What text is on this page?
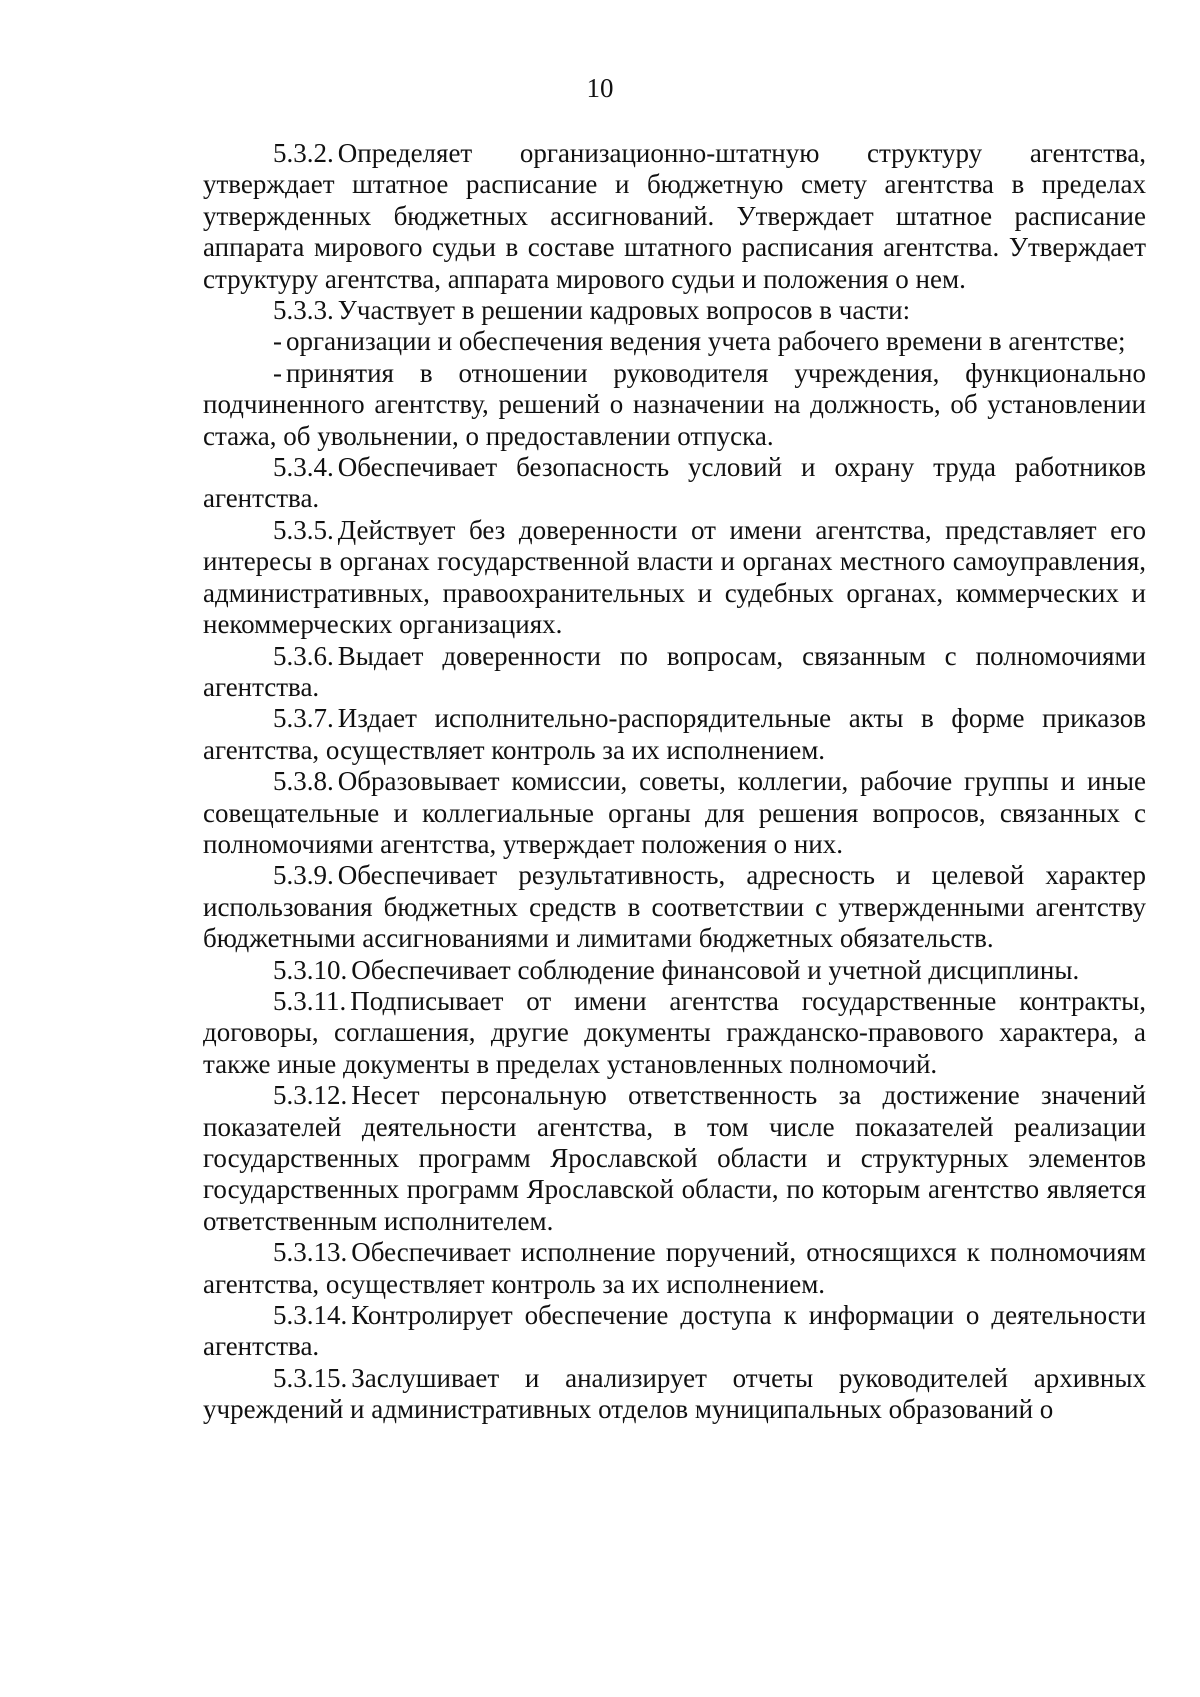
10

5.3.2. Определяет организационно-штатную структуру агентства, утверждает штатное расписание и бюджетную смету агентства в пределах утвержденных бюджетных ассигнований. Утверждает штатное расписание аппарата мирового судьи в составе штатного расписания агентства. Утверждает структуру агентства, аппарата мирового судьи и положения о нем.

5.3.3. Участвует в решении кадровых вопросов в части:

- организации и обеспечения ведения учета рабочего времени в агентстве;

- принятия в отношении руководителя учреждения, функционально подчиненного агентству, решений о назначении на должность, об установлении стажа, об увольнении, о предоставлении отпуска.

5.3.4. Обеспечивает безопасность условий и охрану труда работников агентства.

5.3.5. Действует без доверенности от имени агентства, представляет его интересы в органах государственной власти и органах местного самоуправления, административных, правоохранительных и судебных органах, коммерческих и некоммерческих организациях.

5.3.6. Выдает доверенности по вопросам, связанным с полномочиями агентства.

5.3.7. Издает исполнительно-распорядительные акты в форме приказов агентства, осуществляет контроль за их исполнением.

5.3.8. Образовывает комиссии, советы, коллегии, рабочие группы и иные совещательные и коллегиальные органы для решения вопросов, связанных с полномочиями агентства, утверждает положения о них.

5.3.9. Обеспечивает результативность, адресность и целевой характер использования бюджетных средств в соответствии с утвержденными агентству бюджетными ассигнованиями и лимитами бюджетных обязательств.

5.3.10. Обеспечивает соблюдение финансовой и учетной дисциплины.

5.3.11. Подписывает от имени агентства государственные контракты, договоры, соглашения, другие документы гражданско-правового характера, а также иные документы в пределах установленных полномочий.

5.3.12. Несет персональную ответственность за достижение значений показателей деятельности агентства, в том числе показателей реализации государственных программ Ярославской области и структурных элементов государственных программ Ярославской области, по которым агентство является ответственным исполнителем.

5.3.13. Обеспечивает исполнение поручений, относящихся к полномочиям агентства, осуществляет контроль за их исполнением.

5.3.14. Контролирует обеспечение доступа к информации о деятельности агентства.

5.3.15. Заслушивает и анализирует отчеты руководителей архивных учреждений и административных отделов муниципальных образований о
